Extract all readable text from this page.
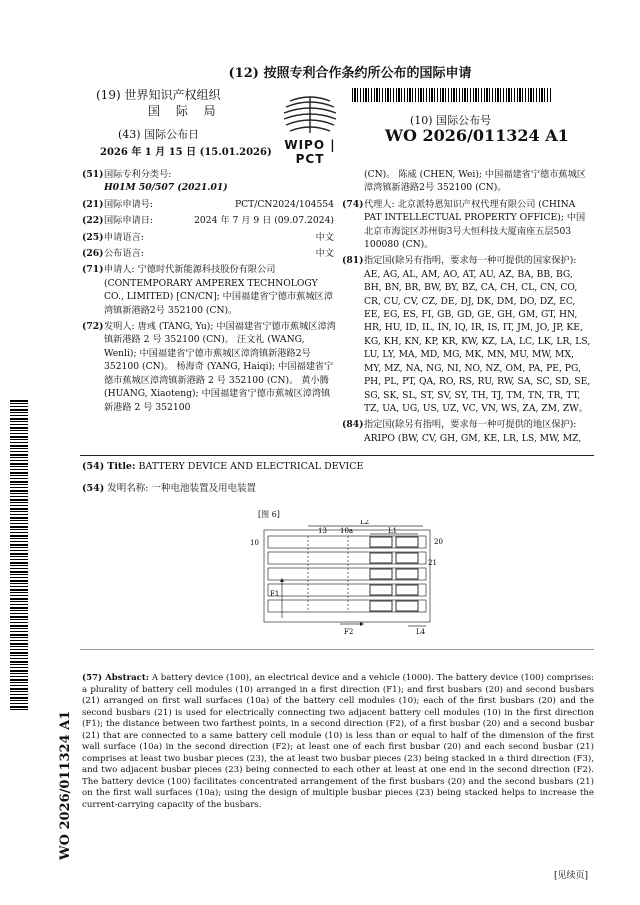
(12) 按照专利合作条约所公布的国际申请
(19) 世界知识产权组织
国 际 局
(43) 国际公布日
2026 年 1 月 15 日 (15.01.2026)
WIPO | PCT
(10) 国际公布号
WO 2026/011324 A1
(51) 国际专利分类号:
H01M 50/507 (2021.01)
(21) 国际申请号:	PCT/CN2024/104554
(22) 国际申请日:	2024 年 7 月 9 日 (09.07.2024)
(25) 申请语言:	中文
(26) 公布语言:	中文
(71) 申请人: 宁德时代新能源科技股份有限公司 (CONTEMPORARY AMPEREX TECHNOLOGY CO., LIMITED) [CN/CN]; 中国福建省宁德市蕉城区漳湾镇新港路2号 352100 (CN)。
(72) 发明人: 唐彧 (TANG, Yu); 中国福建省宁德市蕉城区漳湾镇新港路 2 号 352100 (CN)。 汪文礼 (WANG, Wenli); 中国福建省宁德市蕉城区漳湾镇新港路2号 352100 (CN)。 杨海奇 (YANG, Haiqi); 中国福建省宁德市蕉城区漳湾镇新港路 2 号 352100 (CN)。 黄小腾 (HUANG, Xiaoteng); 中国福建省宁德市蕉城区漳湾镇新港路 2 号 352100
(CN)。 陈威 (CHEN, Wei); 中国福建省宁德市蕉城区漳湾镇新港路2号 352100 (CN)。
(74) 代理人: 北京派特恩知识产权代理有限公司 (CHINA PAT INTELLECTUAL PROPERTY OFFICE); 中国北京市海淀区苏州街3号大恒科技大厦南座五层503 100080 (CN)。
(81) 指定国(除另有指明，要求每一种可提供的国家保护): AE, AG, AL, AM, AO, AT, AU, AZ, BA, BB, BG, BH, BN, BR, BW, BY, BZ, CA, CH, CL, CN, CO, CR, CU, CV, CZ, DE, DJ, DK, DM, DO, DZ, EC, EE, EG, ES, FI, GB, GD, GE, GH, GM, GT, HN, HR, HU, ID, IL, IN, IQ, IR, IS, IT, JM, JO, JP, KE, KG, KH, KN, KP, KR, KW, KZ, LA, LC, LK, LR, LS, LU, LY, MA, MD, MG, MK, MN, MU, MW, MX, MY, MZ, NA, NG, NI, NO, NZ, OM, PA, PE, PG, PH, PL, PT, QA, RO, RS, RU, RW, SA, SC, SD, SE, SG, SK, SL, ST, SV, SY, TH, TJ, TM, TN, TR, TT, TZ, UA, UG, US, UZ, VC, VN, WS, ZA, ZM, ZW。
(84) 指定国(除另有指明，要求每一种可提供的地区保护): ARIPO (BW, CV, GH, GM, KE, LR, LS, MW, MZ,
(54) Title: BATTERY DEVICE AND ELECTRICAL DEVICE
(54) 发明名称: 一种电池装置及用电装置
[图 6]
L2
L1
13 10a
10	20
21
F1
F2	L4
(57) Abstract: A battery device (100), an electrical device and a vehicle (1000). The battery device (100) comprises: a plurality of battery cell modules (10) arranged in a first direction (F1); and first busbars (20) and second busbars (21) arranged on first wall surfaces (10a) of the battery cell modules (10); each of the first busbars (20) and the second busbars (21) is used for electrically connecting two adjacent battery cell modules (10) in the first direction (F1); the distance between two farthest points, in a second direction (F2), of a first busbar (20) and a second busbar (21) that are connected to a same battery cell module (10) is less than or equal to half of the dimension of the first wall surface (10a) in the second direction (F2); at least one of each first busbar (20) and each second busbar (21) comprises at least two busbar pieces (23), the at least two busbar pieces (23) being stacked in a third direction (F3), and two adjacent busbar pieces (23) being connected to each other at least at one end in the second direction (F2). The battery device (100) facilitates concentrated arrangement of the first busbars (20) and the second busbars (21) on the first wall surfaces (10a); using the design of multiple busbar pieces (23) being stacked helps to increase the current-carrying capacity of the busbars.
WO 2026/011324 A1
[见续页]
